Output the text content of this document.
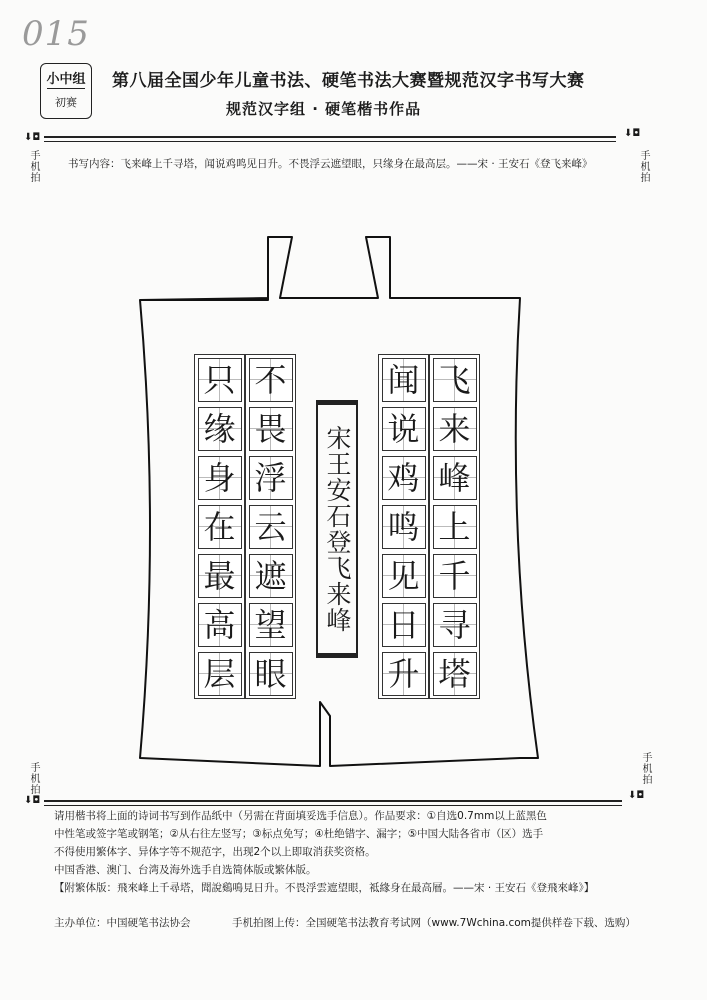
015
小中组
初赛
第八届全国少年儿童书法、硬笔书法大赛暨规范汉字书写大赛
规范汉字组 · 硬笔楷书作品
⬇◘	⬇◘
手机拍	手机拍
书写内容：飞来峰上千寻塔，闻说鸡鸣见日升。不畏浮云遮望眼，只缘身在最高层。——宋 · 王安石《登飞来峰》
飞
来
峰
上
千
寻
塔
闻
说
鸡
鸣
见
日
升
不
畏
浮
云
遮
望
眼
只
缘
身
在
最
高
层
宋王安石登飞来峰
手机拍	手机拍
⬇◘	⬇◘

请用楷书将上面的诗词书写到作品纸中（另需在背面填妥选手信息）。作品要求：①自选0.7mm以上蓝黑色

中性笔或签字笔或钢笔；②从右往左竖写；③标点免写；④杜绝错字、漏字；⑤中国大陆各省市（区）选手

不得使用繁体字、异体字等不规范字，出现2个以上即取消获奖资格。

中国香港、澳门、台湾及海外选手自选简体版或繁体版。

【附繁体版：飛來峰上千尋塔，聞說鷄鳴見日升。不畏浮雲遮望眼，祗緣身在最高層。——宋 · 王安石《登飛來峰》】

主办单位：中国硬笔书法协会	手机拍图上传：全国硬笔书法教育考试网（www.7Wchina.com提供样卷下载、选购）
